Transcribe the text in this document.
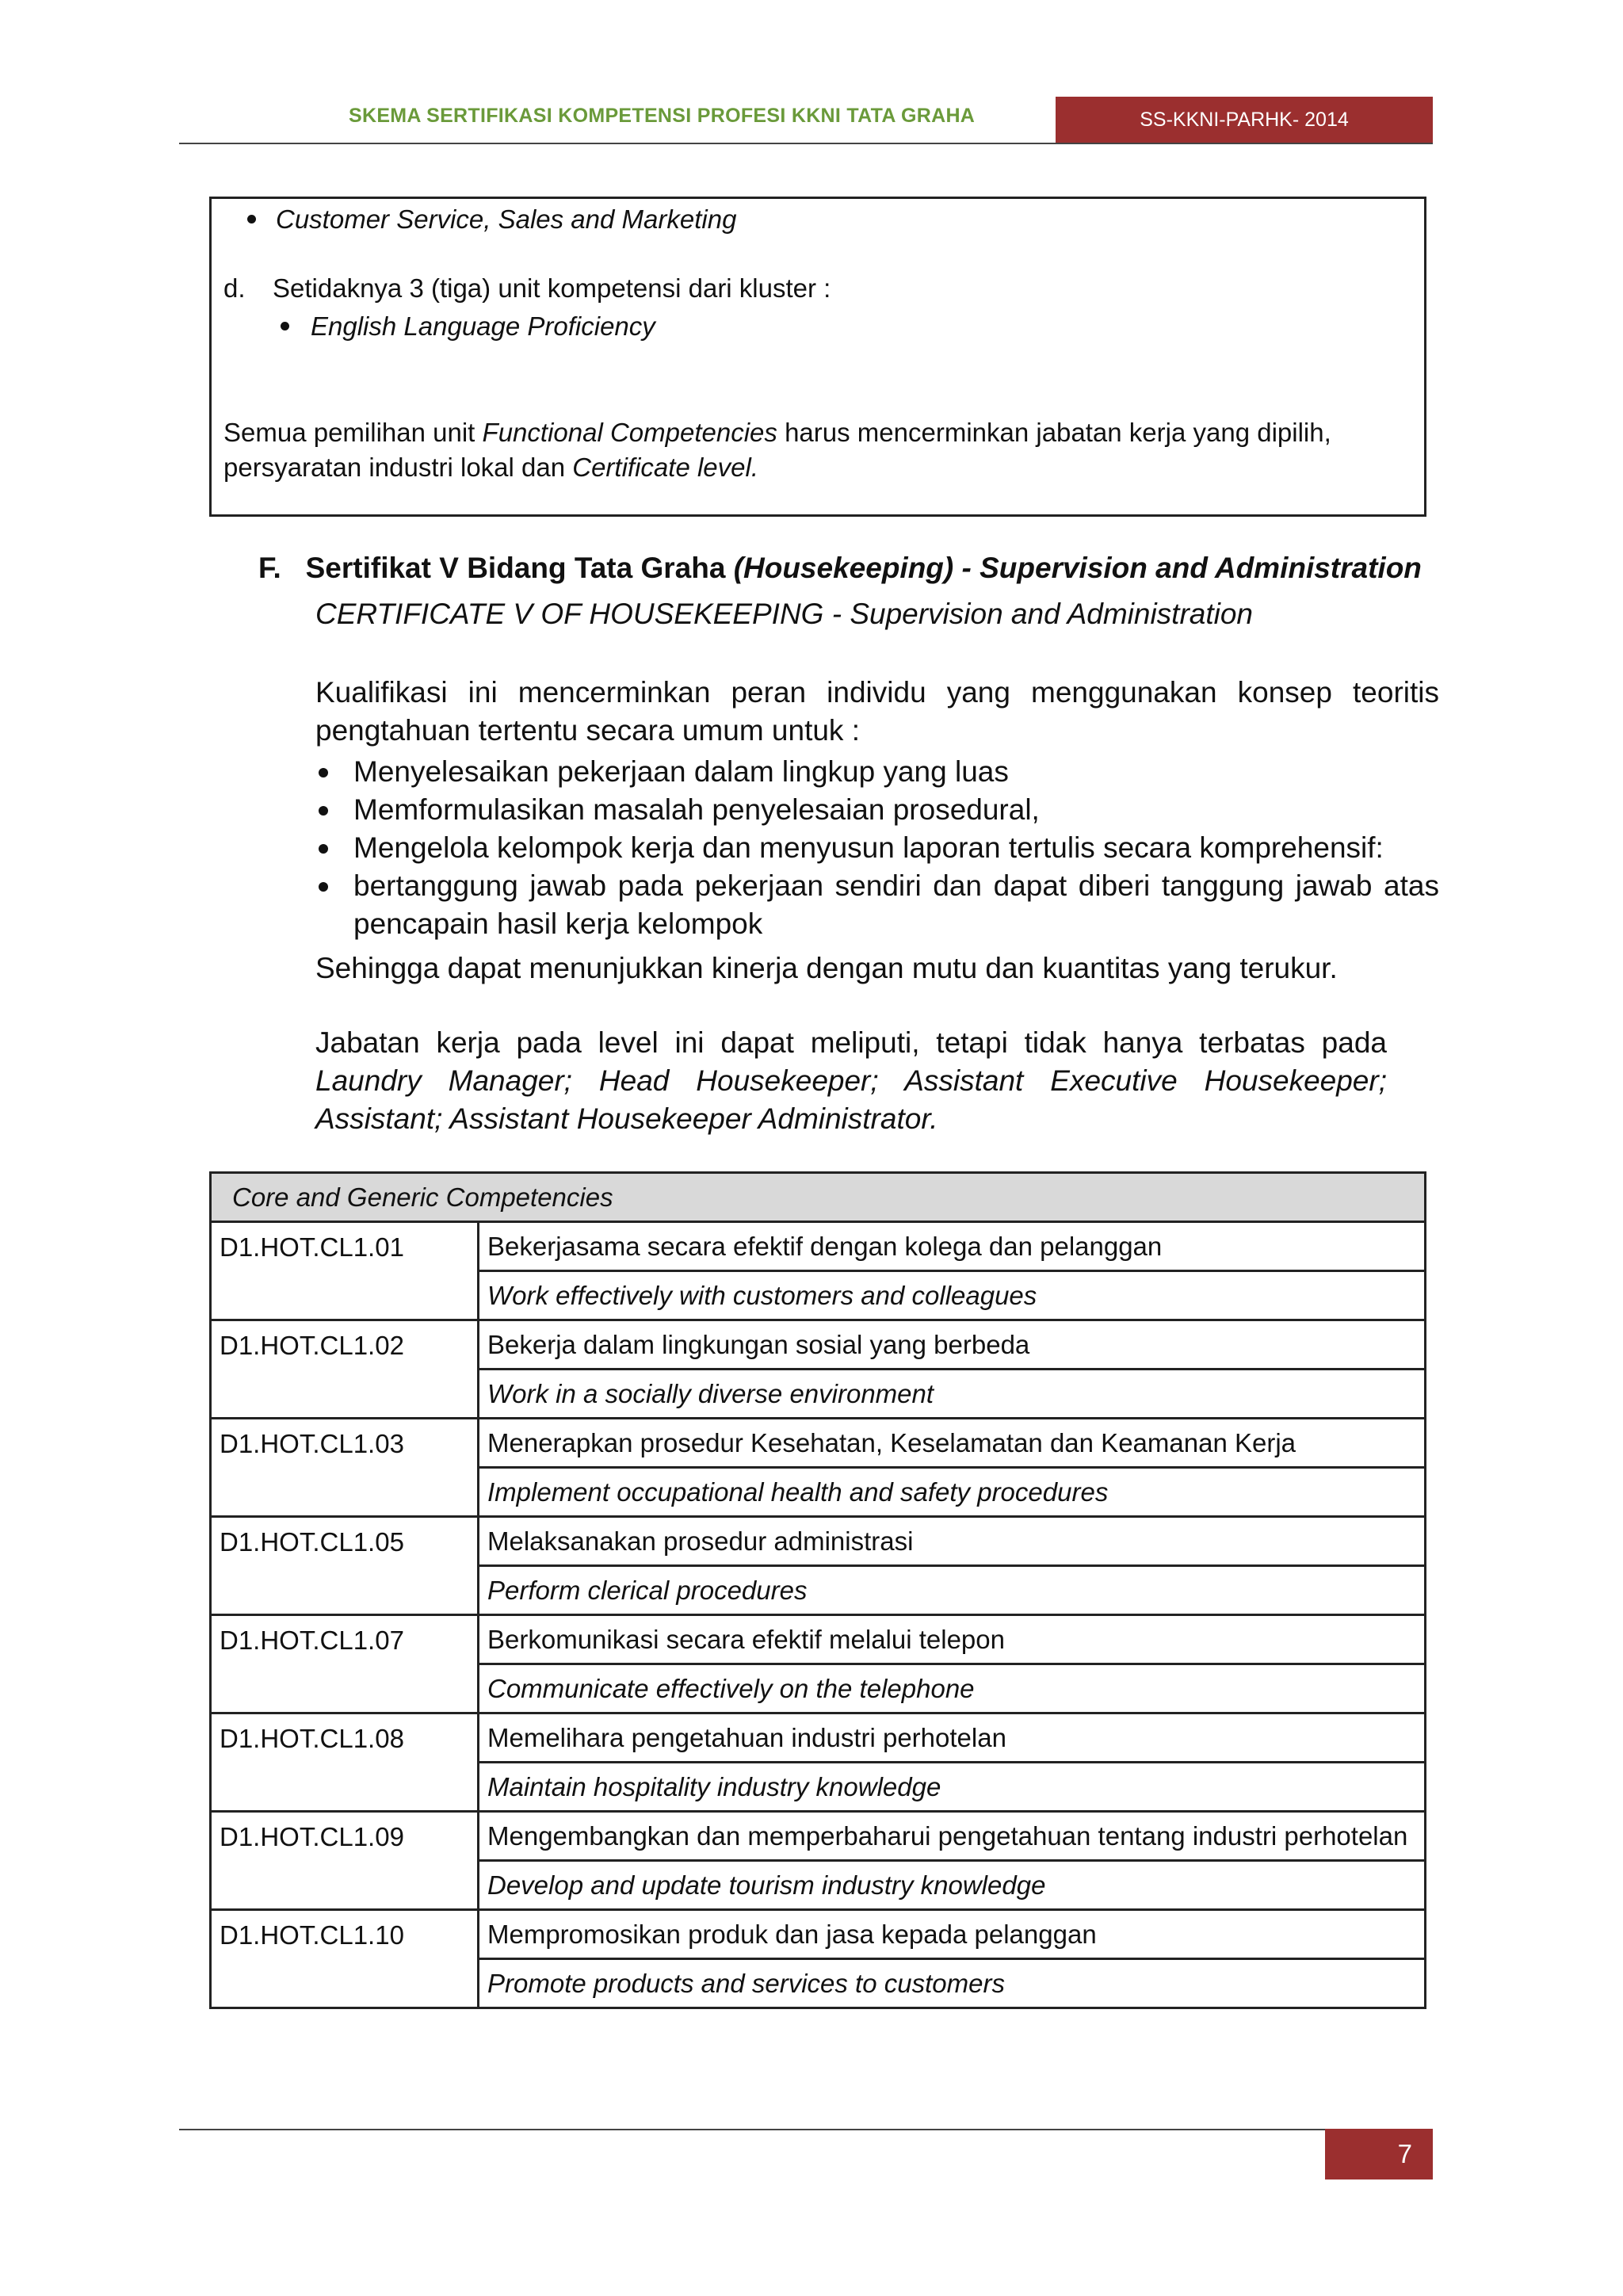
SKEMA SERTIFIKASI KOMPETENSI PROFESI KKNI TATA GRAHA	SS-KKNI-PARHK- 2014
Customer Service, Sales and Marketing
d. Setidaknya 3 (tiga) unit kompetensi dari kluster :
English Language Proficiency
Semua pemilihan unit Functional Competencies harus mencerminkan jabatan kerja yang dipilih, persyaratan industri lokal dan Certificate level.
F. Sertifikat V Bidang Tata Graha (Housekeeping) - Supervision and Administration
CERTIFICATE V OF HOUSEKEEPING - Supervision and Administration
Kualifikasi ini mencerminkan peran individu yang menggunakan konsep teoritis pengtahuan tertentu secara umum untuk :
Menyelesaikan pekerjaan dalam lingkup yang luas
Memformulasikan masalah penyelesaian prosedural,
Mengelola kelompok kerja dan menyusun laporan tertulis secara komprehensif:
bertanggung jawab pada pekerjaan sendiri dan dapat diberi tanggung jawab atas pencapain hasil kerja kelompok
Sehingga dapat menunjukkan kinerja dengan mutu dan kuantitas yang terukur.
Jabatan kerja pada level ini dapat meliputi, tetapi tidak hanya terbatas pada Laundry Manager; Head Housekeeper; Assistant Executive Housekeeper; Assistant; Assistant Housekeeper Administrator.
Core and Generic Competencies	
D1.HOT.CL1.01	Bekerjasama secara efektif dengan kolega dan pelanggan
	Work effectively with customers and colleagues
D1.HOT.CL1.02	Bekerja dalam lingkungan sosial yang berbeda
	Work in a socially diverse environment
D1.HOT.CL1.03	Menerapkan prosedur Kesehatan, Keselamatan dan Keamanan Kerja
	Implement occupational health and safety procedures
D1.HOT.CL1.05	Melaksanakan prosedur administrasi
	Perform clerical procedures
D1.HOT.CL1.07	Berkomunikasi secara efektif melalui telepon
	Communicate effectively on the telephone
D1.HOT.CL1.08	Memelihara pengetahuan industri perhotelan
	Maintain hospitality industry knowledge
D1.HOT.CL1.09	Mengembangkan dan memperbaharui pengetahuan tentang industri perhotelan
	Develop and update tourism industry knowledge
D1.HOT.CL1.10	Mempromosikan produk dan jasa kepada pelanggan
	Promote products and services to customers
7
